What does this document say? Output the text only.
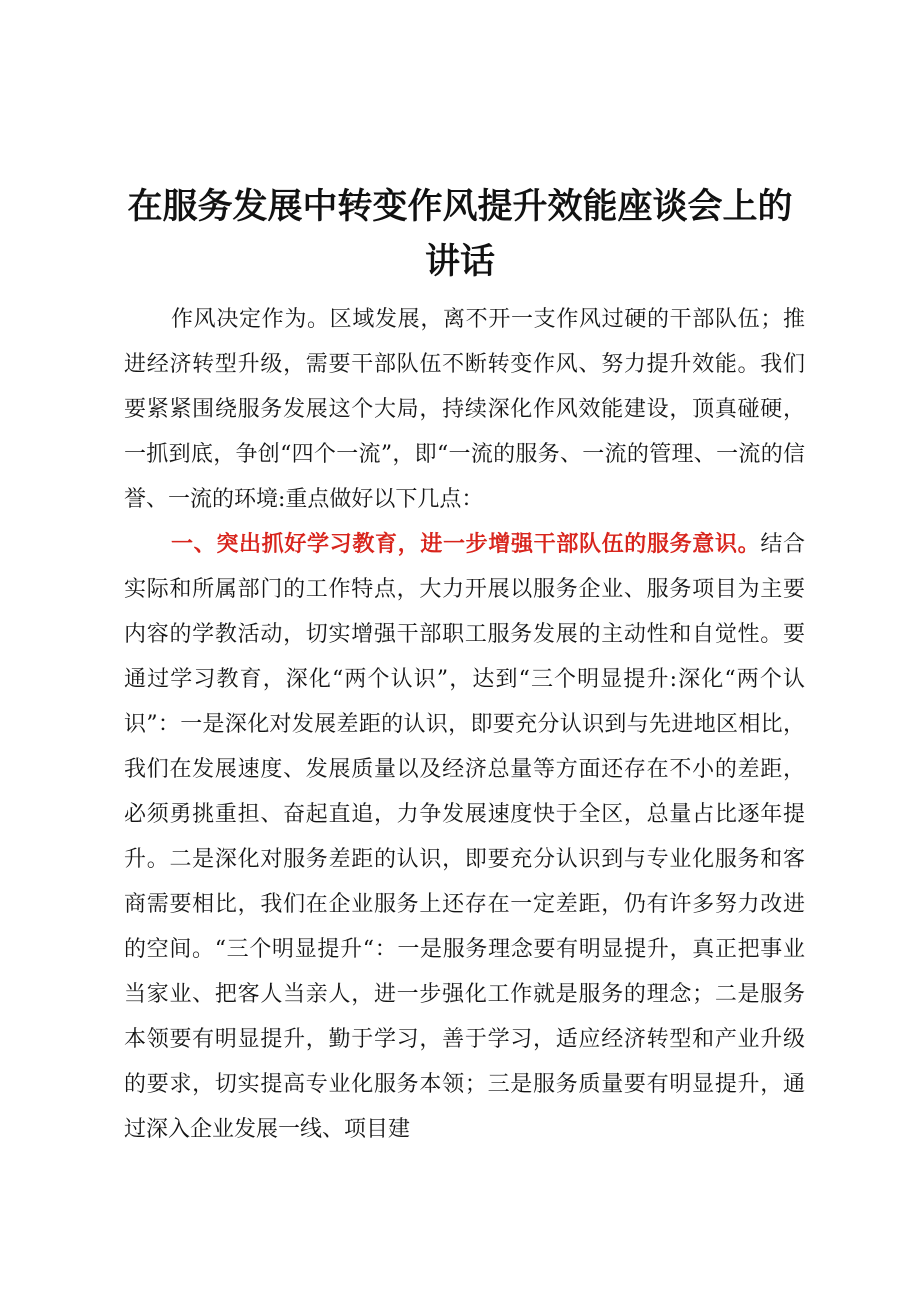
在服务发展中转变作风提升效能座谈会上的讲话

作风决定作为。区域发展，离不开一支作风过硬的干部队伍；推进经济转型升级，需要干部队伍不断转变作风、努力提升效能。我们要紧紧围绕服务发展这个大局，持续深化作风效能建设，顶真碰硬，一抓到底，争创“四个一流”，即“一流的服务、一流的管理、一流的信誉、一流的环境:重点做好以下几点：

一、突出抓好学习教育，进一步增强干部队伍的服务意识。结合实际和所属部门的工作特点，大力开展以服务企业、服务项目为主要内容的学教活动，切实增强干部职工服务发展的主动性和自觉性。要通过学习教育，深化“两个认识”，达到“三个明显提升:深化“两个认识”：一是深化对发展差距的认识，即要充分认识到与先进地区相比，我们在发展速度、发展质量以及经济总量等方面还存在不小的差距，必须勇挑重担、奋起直追，力争发展速度快于全区，总量占比逐年提升。二是深化对服务差距的认识，即要充分认识到与专业化服务和客商需要相比，我们在企业服务上还存在一定差距，仍有许多努力改进的空间。“三个明显提升“：一是服务理念要有明显提升，真正把事业当家业、把客人当亲人，进一步强化工作就是服务的理念；二是服务本领要有明显提升，勤于学习，善于学习，适应经济转型和产业升级的要求，切实提高专业化服务本领；三是服务质量要有明显提升，通过深入企业发展一线、项目建
